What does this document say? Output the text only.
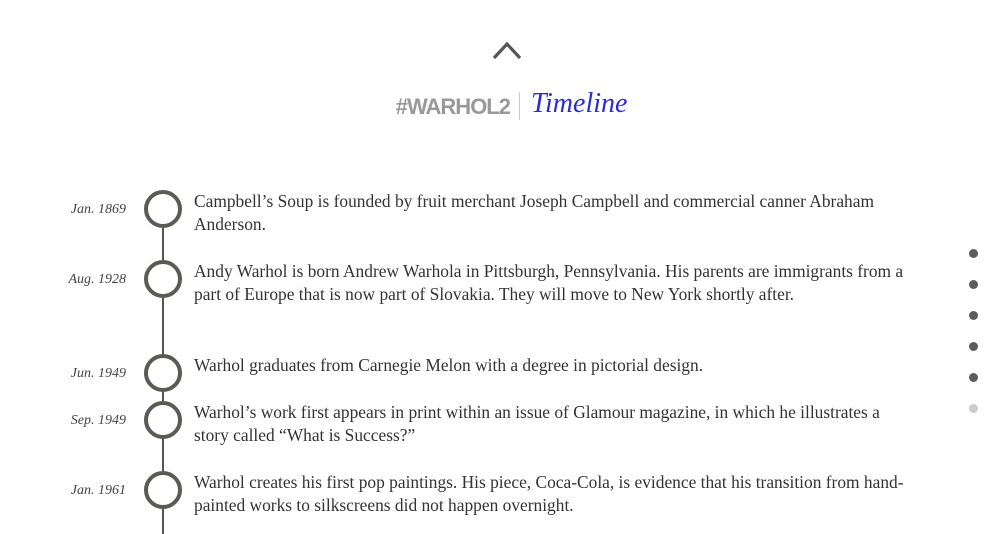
#WARHOL2 Timeline
Jan. 1869	Campbell’s Soup is founded by fruit merchant Joseph Campbell and commercial canner Abraham Anderson.
Aug. 1928	Andy Warhol is born Andrew Warhola in Pittsburgh, Pennsylvania. His parents are immigrants from a part of Europe that is now part of Slovakia. They will move to New York shortly after.
Jun. 1949	Warhol graduates from Carnegie Melon with a degree in pictorial design.
Sep. 1949	Warhol’s work first appears in print within an issue of Glamour magazine, in which he illustrates a story called “What is Success?”
Jan. 1961	Warhol creates his first pop paintings. His piece, Coca-Cola, is evidence that his transition from hand-painted works to silkscreens did not happen overnight.
